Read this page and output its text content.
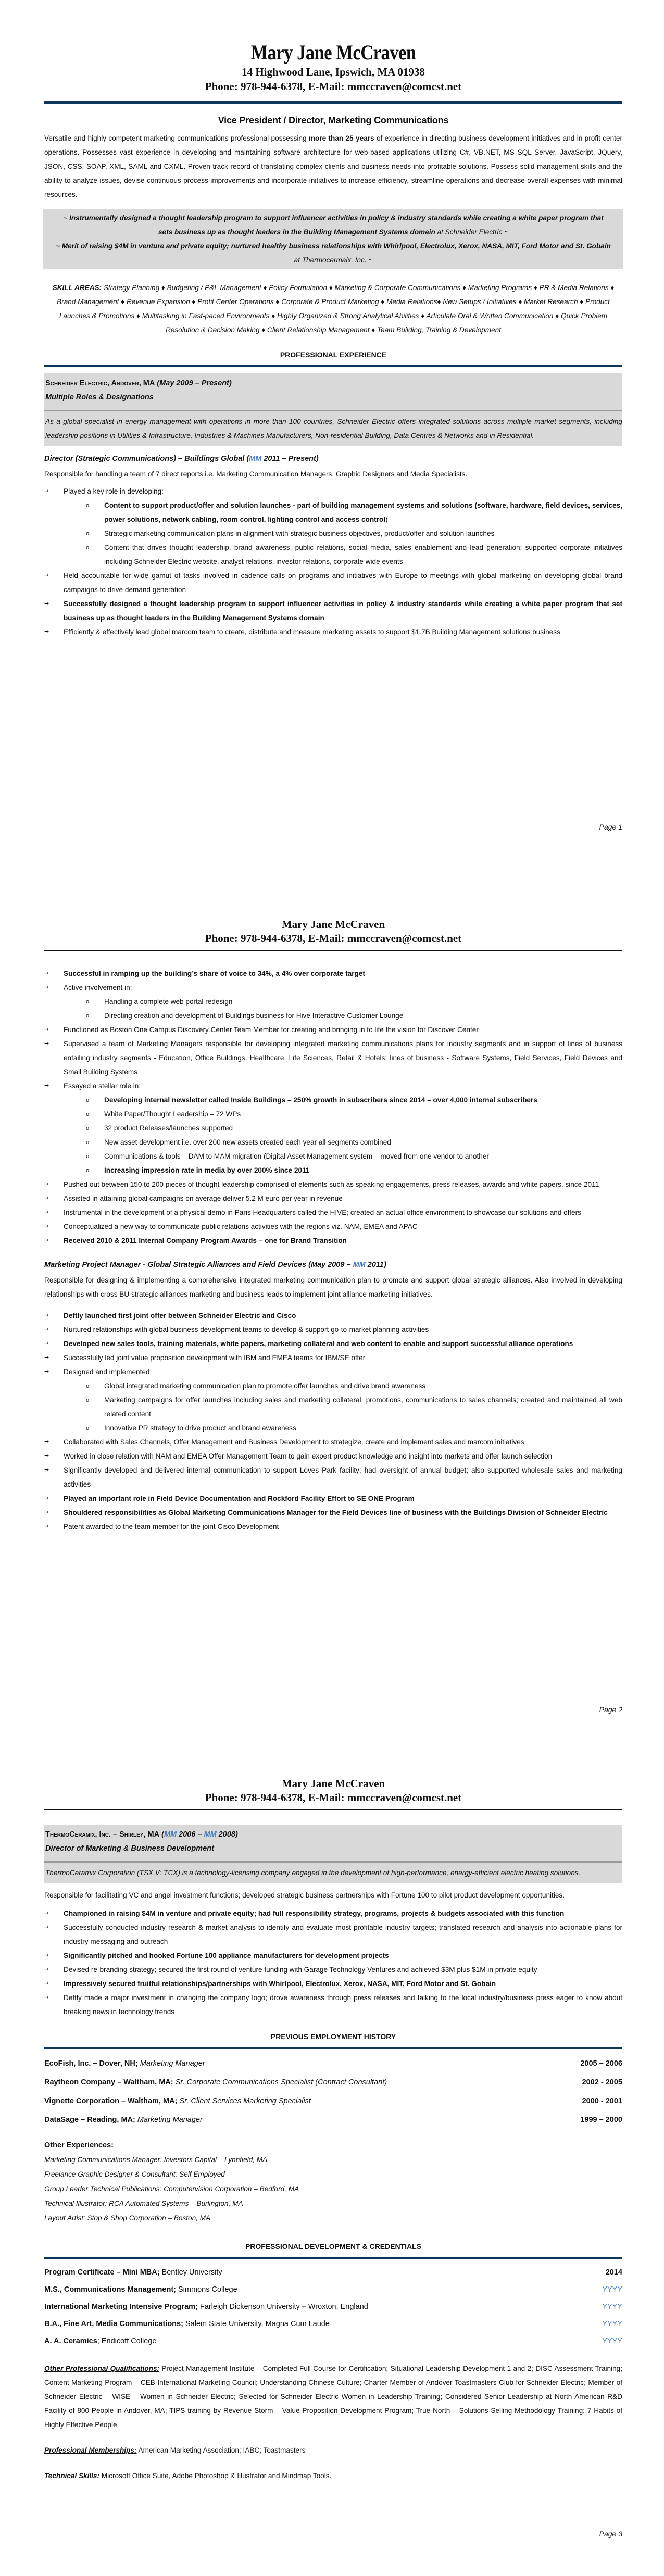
Mary Jane McCraven
14 Highwood Lane, Ipswich, MA 01938
Phone: 978-944-6378, E-Mail: mmccraven@comcst.net
Vice President / Director, Marketing Communications

Versatile and highly competent marketing communications professional possessing more than 25 years of experience in directing business development initiatives and in profit center operations. Possesses vast experience in developing and maintaining software architecture for web-based applications utilizing C#, VB.NET, MS SQL Server, JavaScript, JQuery, JSON, CSS, SOAP, XML, SAML and CXML. Proven track record of translating complex clients and business needs into profitable solutions. Possess solid management skills and the ability to analyze issues, devise continuous process improvements and incorporate initiatives to increase efficiency, streamline operations and decrease overall expenses with minimal resources.

~ Instrumentally designed a thought leadership program to support influencer activities in policy & industry standards while creating a white paper program that sets business up as thought leaders in the Building Management Systems domain at Schneider Electric ~
~ Merit of raising $4M in venture and private equity; nurtured healthy business relationships with Whirlpool, Electrolux, Xerox, NASA, MIT, Ford Motor and St. Gobain at Thermocermaix, Inc. ~
SKILL AREAS: Strategy Planning ♦ Budgeting / P&L Management ♦ Policy Formulation ♦ Marketing & Corporate Communications ♦ Marketing Programs ♦ PR & Media Relations ♦ Brand Management ♦ Revenue Expansion ♦ Profit Center Operations ♦ Corporate & Product Marketing ♦ Media Relations♦ New Setups / Initiatives ♦ Market Research ♦ Product Launches & Promotions ♦ Multitasking in Fast-paced Environments ♦ Highly Organized & Strong Analytical Abilities ♦ Articulate Oral & Written Communication ♦ Quick Problem Resolution & Decision Making ♦ Client Relationship Management ♦ Team Building, Training & Development
PROFESSIONAL EXPERIENCE
Schneider Electric, Andover, MA (May 2009 – Present)
Multiple Roles & Designations
As a global specialist in energy management with operations in more than 100 countries, Schneider Electric offers integrated solutions across multiple market segments, including leadership positions in Utilities & Infrastructure, Industries & Machines Manufacturers, Non-residential Building, Data Centres & Networks and in Residential.
Director (Strategic Communications) – Buildings Global (MM 2011 – Present)

Responsible for handling a team of 7 direct reports i.e. Marketing Communication Managers, Graphic Designers and Media Specialists.

➞ Played a key role in developing:
o Content to support product/offer and solution launches - part of building management systems and solutions (software, hardware, field devices, services, power solutions, network cabling, room control, lighting control and access control)
o Strategic marketing communication plans in alignment with strategic business objectives, product/offer and solution launches
o Content that drives thought leadership, brand awareness, public relations, social media, sales enablement and lead generation; supported corporate initiatives including Schneider Electric website, analyst relations, investor relations, corporate wide events
➞ Held accountable for wide gamut of tasks involved in cadence calls on programs and initiatives with Europe to meetings with global marketing on developing global brand campaigns to drive demand generation
➞ Successfully designed a thought leadership program to support influencer activities in policy & industry standards while creating a white paper program that set business up as thought leaders in the Building Management Systems domain
➞ Efficiently & effectively lead global marcom team to create, distribute and measure marketing assets to support $1.7B Building Management solutions business
Page 1
Mary Jane McCraven
Phone: 978-944-6378, E-Mail: mmccraven@comcst.net
➞ Successful in ramping up the building’s share of voice to 34%, a 4% over corporate target
➞ Active involvement in:
o Handling a complete web portal redesign
o Directing creation and development of Buildings business for Hive Interactive Customer Lounge
➞ Functioned as Boston One Campus Discovery Center Team Member for creating and bringing in to life the vision for Discover Center
➞ Supervised a team of Marketing Managers responsible for developing integrated marketing communications plans for industry segments and in support of lines of business entailing industry segments - Education, Office Buildings, Healthcare, Life Sciences, Retail & Hotels; lines of business - Software Systems, Field Services, Field Devices and Small Building Systems
➞ Essayed a stellar role in:
o Developing internal newsletter called Inside Buildings – 250% growth in subscribers since 2014 – over 4,000 internal subscribers
o White Paper/Thought Leadership – 72 WPs
o 32 product Releases/launches supported
o New asset development i.e. over 200 new assets created each year all segments combined
o Communications & tools – DAM to MAM migration (Digital Asset Management system – moved from one vendor to another
o Increasing impression rate in media by over 200% since 2011
➞ Pushed out between 150 to 200 pieces of thought leadership comprised of elements such as speaking engagements, press releases, awards and white papers, since 2011
➞ Assisted in attaining global campaigns on average deliver 5.2 M euro per year in revenue
➞ Instrumental in the development of a physical demo in Paris Headquarters called the HIVE; created an actual office environment to showcase our solutions and offers
➞ Conceptualized a new way to communicate public relations activities with the regions viz. NAM, EMEA and APAC
➞ Received 2010 & 2011 Internal Company Program Awards – one for Brand Transition
Marketing Project Manager - Global Strategic Alliances and Field Devices (May 2009 – MM 2011)

Responsible for designing & implementing a comprehensive integrated marketing communication plan to promote and support global strategic alliances. Also involved in developing relationships with cross BU strategic alliances marketing and business leads to implement joint alliance marketing initiatives.

➞ Deftly launched first joint offer between Schneider Electric and Cisco
➞ Nurtured relationships with global business development teams to develop & support go-to-market planning activities
➞ Developed new sales tools, training materials, white papers, marketing collateral and web content to enable and support successful alliance operations
➞ Successfully led joint value proposition development with IBM and EMEA teams for IBM/SE offer
➞ Designed and implemented:
o Global integrated marketing communication plan to promote offer launches and drive brand awareness
o Marketing campaigns for offer launches including sales and marketing collateral, promotions, communications to sales channels; created and maintained all web related content
o Innovative PR strategy to drive product and brand awareness
➞ Collaborated with Sales Channels, Offer Management and Business Development to strategize, create and implement sales and marcom initiatives
➞ Worked in close relation with NAM and EMEA Offer Management Team to gain expert product knowledge and insight into markets and offer launch selection
➞ Significantly developed and delivered internal communication to support Loves Park facility; had oversight of annual budget; also supported wholesale sales and marketing activities
➞ Played an important role in Field Device Documentation and Rockford Facility Effort to SE ONE Program
➞ Shouldered responsibilities as Global Marketing Communications Manager for the Field Devices line of business with the Buildings Division of Schneider Electric
➞ Patent awarded to the team member for the joint Cisco Development
Page 2
Mary Jane McCraven
Phone: 978-944-6378, E-Mail: mmccraven@comcst.net
ThermoCeramix, Inc. – Shirley, MA (MM 2006 – MM 2008)
Director of Marketing & Business Development
ThermoCeramix Corporation (TSX.V: TCX) is a technology-licensing company engaged in the development of high-performance, energy-efficient electric heating solutions.

Responsible for facilitating VC and angel investment functions; developed strategic business partnerships with Fortune 100 to pilot product development opportunities.

➞ Championed in raising $4M in venture and private equity; had full responsibility strategy, programs, projects & budgets associated with this function
➞ Successfully conducted industry research & market analysis to identify and evaluate most profitable industry targets; translated research and analysis into actionable plans for industry messaging and outreach
➞ Significantly pitched and hooked Fortune 100 appliance manufacturers for development projects
➞ Devised re-branding strategy; secured the first round of venture funding with Garage Technology Ventures and achieved $3M plus $1M in private equity
➞ Impressively secured fruitful relationships/partnerships with Whirlpool, Electrolux, Xerox, NASA, MIT, Ford Motor and St. Gobain
➞ Deftly made a major investment in changing the company logo; drove awareness through press releases and talking to the local industry/business press eager to know about breaking news in technology trends
PREVIOUS EMPLOYMENT HISTORY
EcoFish, Inc. – Dover, NH; Marketing Manager	2005 – 2006
Raytheon Company – Waltham, MA; Sr. Corporate Communications Specialist (Contract Consultant)	2002 - 2005
Vignette Corporation – Waltham, MA; Sr. Client Services Marketing Specialist	2000 - 2001
DataSage – Reading, MA; Marketing Manager	1999 – 2000
Other Experiences:
Marketing Communications Manager: Investors Capital – Lynnfield, MA
Freelance Graphic Designer & Consultant: Self Employed
Group Leader Technical Publications: Computervision Corporation – Bedford, MA
Technical Illustrator: RCA Automated Systems – Burlington, MA
Layout Artist: Stop & Shop Corporation – Boston, MA
PROFESSIONAL DEVELOPMENT & CREDENTIALS
Program Certificate – Mini MBA; Bentley University	2014
M.S., Communications Management; Simmons College	YYYY
International Marketing Intensive Program; Farleigh Dickenson University – Wroxton, England	YYYY
B.A., Fine Art, Media Communications; Salem State University, Magna Cum Laude	YYYY
A. A. Ceramics; Endicott College	YYYY
Other Professional Qualifications: Project Management Institute – Completed Full Course for Certification; Situational Leadership Development 1 and 2; DISC Assessment Training; Content Marketing Program – CEB International Marketing Council; Understanding Chinese Culture; Charter Member of Andover Toastmasters Club for Schneider Electric; Member of Schneider Electric – WISE – Women in Schneider Electric; Selected for Schneider Electric Women in Leadership Training; Considered Senior Leadership at North American R&D Facility of 800 People in Andover, MA; TIPS training by Revenue Storm – Value Proposition Development Program; True North – Solutions Selling Methodology Training; 7 Habits of Highly Effective People
Professional Memberships: American Marketing Association; IABC; Toastmasters
Technical Skills: Microsoft Office Suite, Adobe Photoshop & Illustrator and Mindmap Tools.
Page 3
